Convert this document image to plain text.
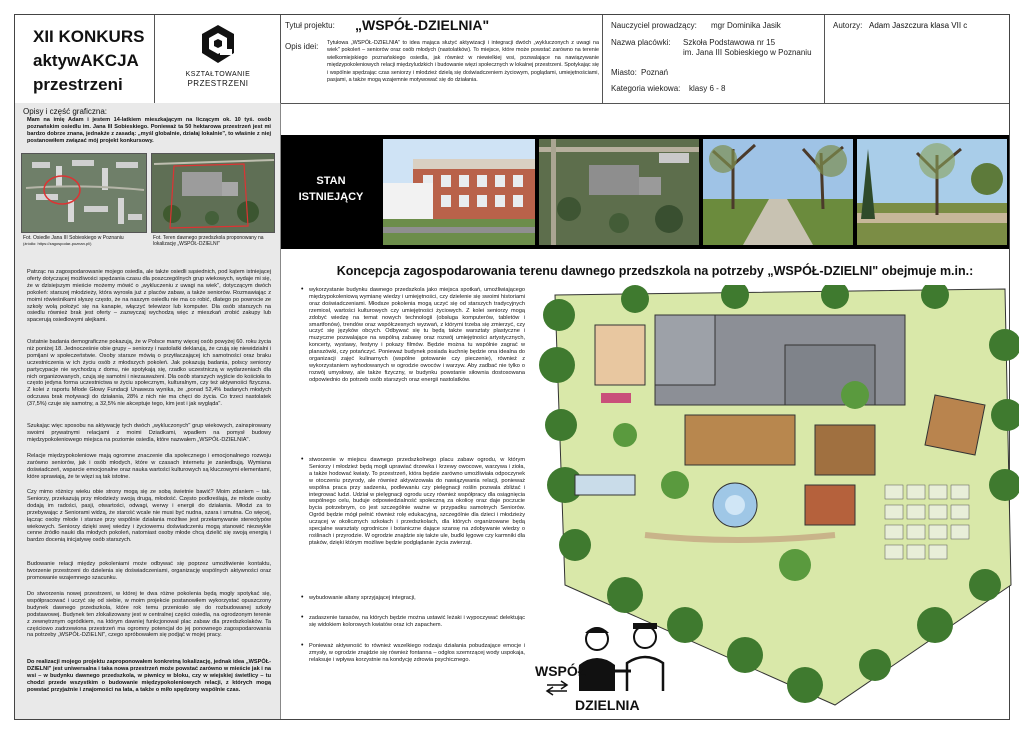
XII KONKURS
aktywAKCJA
przestrzeni
KSZTAŁTOWANIE
PRZESTRZENI
Tytuł projektu: „WSPÓŁ-DZIELNIA"
Opis idei: Tytułowa „WSPÓŁ-DZIELNIA" to idea mająca służyć aktywizacji i integracji dwóch „wykluczonych z uwagi na wiek" pokoleń – seniorów oraz osób młodych (nastolatków). To miejsce, które może powstać zarówno na terenie wielkomiejskiego poznańskiego osiedla, jak również w niewielkiej wsi, pozwalające na nawiązywanie międzypokoleniowych relacji międzyludzkich i budowanie więzi społecznych w lokalnej przestrzeni. Spotykając się i wspólnie spędzając czas seniorzy i młodzież dzielą się doświadczeniem życiowym, poglądami, umiejętnościami, pasjami, a także mogą wzajemnie motywować się do działania.
Nauczyciel prowadzący: mgr Dominika Jasik
Nazwa placówki: Szkoła Podstawowa nr 15
im. Jana III Sobieskiego w Poznaniu
Miasto: Poznań
Kategoria wiekowa: klasy 6 - 8
Autorzy: Adam Jaszczura klasa VII c
Opisy i część graficzna:
Mam na imię Adam i jestem 14-latkiem mieszkającym na liczącym ok. 10 tyś. osób poznańskim osiedlu im. Jana III Sobieskiego. Ponieważ ta 50 hektarowa przestrzeń jest mi bardzo dobrze znana, jednakże z zasadą: „myśl globalnie, działaj lokalnie", to właśnie z niej postanowiłem związać mój projekt konkursowy.
Fot. Osiedle Jana III Sobieskiego w Poznaniu
(źródło: https://zagospodar-poznan.pl/)
Fot. Teren dawnego przedszkola proponowany na lokalizację „WSPÓŁ-DZIELNI"
Patrząc na zagospodarowanie mojego osiedla, ale także osiedli sąsiednich, pod kątem istniejącej oferty dotyczącej możliwości spędzania czasu dla poszczególnych grup wiekowych, wydaje mi się, że w dzisiejszym mieście możemy mówić o „wykluczeniu z uwagi na wiek", dotyczącym dwóch pokoleń: starszej młodzieży, która wyrosła już z placów zabaw, a także seniorów. Rozmawiając z moimi rówieśnikami słyszę często, że na naszym osiedlu nie ma co robić, dlatego po powrocie ze szkoły wolą położyć się na kanapie, włączyć telewizor lub komputer. Dla osób starszych na osiedlu również brak jest oferty – zazwyczaj wychodzą więc z mieszkań zrobić zakupy lub spacerują osiedlowymi alejkami.
Ostatnie badania demograficzne pokazują, że w Polsce mamy więcej osób powyżej 60. roku życia niż poniżej 18. Jednocześnie obie grupy – seniorzy i nastolatki deklarują, że czują się niewidzialni i pomijani w społeczeństwie. Osoby starsze mówią o przytłaczającej ich samotności oraz braku uczestniczenia w ich życiu osób z młodszych pokoleń. Jak pokazują badania, polscy seniorzy partycypacje nie wychodzą z domu, nie spotykają się, rzadko uczestniczą w wydarzeniach dla nich organizowanych, czują się samotni i niezauważeni. Dla osób starszych wyjście do kościoła to często jedyna forma uczestnictwa w życiu społecznym, kulturalnym, czy też aktywności fizyczna. Z kolei z raportu Młode Głowy Fundacji Unaweza wynika, że „ponad 52,4% badanych młodych odczuwa brak motywacji do działania, 28% z nich nie ma chęci do życia. Co trzeci nastolatek (37,5%) czuje się samotny, a 32,5% nie akceptuje tego, kim jest i jak wygląda".
Szukając więc sposobu na aktywację tych dwóch „wykluczonych" grup wiekowych, zainspirowany swoimi prywatnymi relacjami z moimi Dziadkami, wpadłem na pomysł budowy międzypokoleniowego miejsca na poziomie osiedla, które nazwałem „WSPÓŁ-DZIELNIA".
Relacje międzypokoleniowe mają ogromne znaczenie dla społecznego i emocjonalnego rozwoju zarówno seniorów, jak i osób młodych, które w czasach internetu je zaniedbują. Wymiana doświadczeń, wsparcie emocjonalne oraz nauka wartości kulturowych są kluczowymi elementami, które sprawiają, że te więzi są tak istotne.
Czy mimo różnicy wieku obie strony mogą się ze sobą świetnie bawić? Moim zdaniem – tak. Seniorzy, przekazują przy młodzieży swoją drugą, młodość. Często podkreślają, że młode osoby dodają im radości, pasji, otwartości, odwagi, werwy i energii do działania. Młodzi za to przebywając z Seniorami widzą, że starość wcale nie musi być nudna, szara i smutna. Co więcej, łącząc osoby młode i starsze przy wspólnie działania możliwe jest przełamywanie stereotypów wiekowych. Seniorzy dzięki swej wiedzy i życiowemu doświadczeniu mogą stanowić niezwykle cenne źródło nauki dla młodych pokoleń, natomiast osoby młode chcą dzielić się swoją energią i bardzo docenią inicjatywę osób starszych.
Budowanie relacji między pokoleniami może odbywać się poprzez umożliwienie kontaktu, tworzenie przestrzeni do dzielenia się doświadczeniami, organizację wspólnych aktywności oraz promowanie wzajemnego szacunku.
Do stworzenia nowej przestrzeni, w której te dwa różne pokolenia będą mogły spotykać się, współpracować i uczyć się od siebie, w moim projekcie postanowiłem wykorzystać opuszczony budynek dawnego przedszkola, które rok temu przeniosło się do rozbudowanej szkoły podstawowej. Budynek ten zlokalizowany jest w centralnej części osiedla, na ogrodzonym terenie z zewnętrznym ogródkiem, na którym dawniej funkcjonował plac zabaw dla przedszkolaków. Ta częściowo zadrzewiona przestrzeń ma ogromny potencjał do jej ponownego zagospodarowania na potrzeby „WSPÓŁ-DZIELNI", czego spróbowałem się podjąć w mojej pracy.
Do realizacji mojego projektu zaproponowałem konkretną lokalizację, jednak idea „WSPÓŁ-DZIELNI" jest uniwersalna i taka nowa przestrzeń może powstać zarówno w mieście jak i na wsi – w budynku dawnego przedszkola, w piwnicy w bloku, czy w wiejskiej świetlicy – tu chodzi przede wszystkim o budowanie międzypokoleniowych relacji, z których mogą powstać przyjaźnie i znajomości na lata, a także o miło spędzony wspólnie czas.
STAN
ISTNIEJĄCY
Koncepcja zagospodarowania terenu dawnego przedszkola na potrzeby „WSPÓŁ-DZIELNI" obejmuje m.in.:
• wykorzystanie budynku dawnego przedszkola jako miejsca spotkań, umożliwiającego międzypokoleniową wymianę wiedzy i umiejętności, czy dzielenie się swoimi historiami oraz doświadczeniami. Młodsze pokolenia mogą uczyć się od starszych tradycyjnych rzemiosł, wartości kulturowych czy umiejętności życiowych. Z kolei seniorzy mogą zdobyć wiedzę na temat nowych technologii (obsługa komputerów, tabletów i smartfonów), trendów oraz współczesnych wyzwań, z którymi trzeba się zmierzyć, czy uczyć się języków obcych. Odbywać się tu będą także warsztaty plastyczne i muzyczne pozwalające na wspólną zabawę oraz rozwój umiejętności artystycznych, koncerty, wystawy, festyny i pokazy filmów. Będzie można tu wspólnie zagrać w planszówki, czy potańczyć. Ponieważ budynek posiada kuchnię będzie ona idealna do organizacji zajęć kulinarnych (wspólne gotowanie czy pieczenie), również z wykorzystaniem wyhodowanych w ogrodzie owoców i warzyw. Aby zadbać nie tylko o rozwój umysłowy, ale także fizyczny, w budynku powstanie siłownia dostosowana odpowiednio do potrzeb osób starszych oraz energii nastolatków.
• stworzenie w miejscu dawnego przedszkolnego placu zabaw ogrodu, w którym Seniorzy i młodzież będą mogli uprawiać drzewka i krzewy owocowe, warzywa i zioła, a także hodować kwiaty. To przestrzeń, która będzie zarówno umożliwiała odpoczynek w otoczeniu przyrody, ale również aktywizowała do nawiązywania relacji, ponieważ wspólna praca przy sadzeniu, podlewaniu czy pielęgnacji roślin pozwala zbliżać i integrować ludzi. Udział w pielęgnacji ogrodu uczy również współpracy dla osiągnięcia wspólnego celu, buduje odpowiedzialność społeczną za okolicę oraz daje poczucie bycia potrzebnym, co jest szczególnie ważne w przypadku samotnych Seniorów. Ogród będzie mógł pełnić również rolę edukacyjną, szczególnie dla dzieci i młodzieży uczącej w okolicznych szkołach i przedszkolach, dla których organizowane będą specjalne warsztaty ogrodnicze i botaniczne dające szansę na zdobywanie wiedzy o roślinach i przyrodzie. W ogrodzie znajdzie się także ule, budki lęgowe czy karmniki dla ptaków, dzięki którym możliwe będzie podglądanie życia zwierząt.
• wybudowanie altany sprzyjającej integracji,
• zadaszenie tarasów, na których będzie można ustawić leżaki i wypoczywać delektując się widokiem kolorowych kwiatów oraz ich zapachem.
• Ponieważ aktywność to również wszelkiego rodzaju działania pobudzające emocje i zmysły, w ogrodzie znajdzie się również fontanna – odgłos szemrzącej wody uspokaja, relaksuje i wpływa korzystnie na kondycję zdrowia psychicznego.
WSPÓŁ
DZIELNIA
